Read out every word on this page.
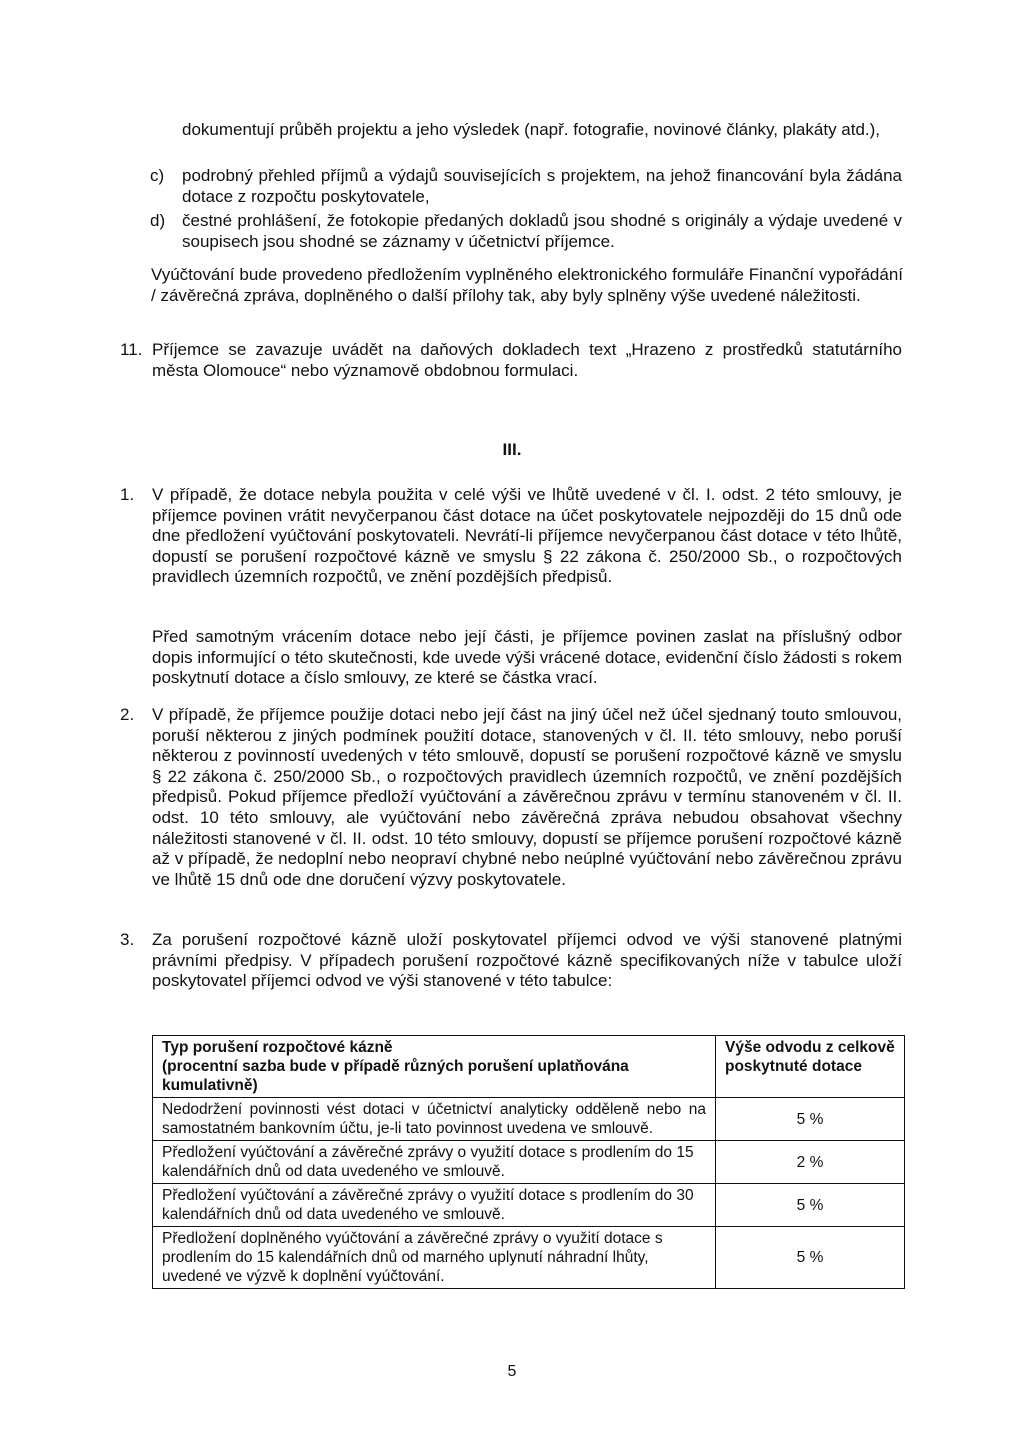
dokumentují průběh projektu a jeho výsledek (např. fotografie, novinové články, plakáty atd.),
c) podrobný přehled příjmů a výdajů souvisejících s projektem, na jehož financování byla žádána dotace z rozpočtu poskytovatele,
d) čestné prohlášení, že fotokopie předaných dokladů jsou shodné s originály a výdaje uvedené v soupisech jsou shodné se záznamy v účetnictví příjemce.
Vyúčtování bude provedeno předložením vyplněného elektronického formuláře Finanční vypořádání / závěrečná zpráva, doplněného o další přílohy tak, aby byly splněny výše uvedené náležitosti.
11. Příjemce se zavazuje uvádět na daňových dokladech text „Hrazeno z prostředků statutárního města Olomouce“ nebo významově obdobnou formulaci.
III.
1. V případě, že dotace nebyla použita v celé výši ve lhůtě uvedené v čl. I. odst. 2 této smlouvy, je příjemce povinen vrátit nevyčerpanou část dotace na účet poskytovatele nejpozději do 15 dnů ode dne předložení vyúčtování poskytovateli. Nevrátí-li příjemce nevyčerpanou část dotace v této lhůtě, dopustí se porušení rozpočtové kázně ve smyslu § 22 zákona č. 250/2000 Sb., o rozpočtových pravidlech územních rozpočtů, ve znění pozdějších předpisů.
Před samotným vrácením dotace nebo její části, je příjemce povinen zaslat na příslušný odbor dopis informující o této skutečnosti, kde uvede výši vrácené dotace, evidenční číslo žádosti s rokem poskytnutí dotace a číslo smlouvy, ze které se částka vrací.
2. V případě, že příjemce použije dotaci nebo její část na jiný účel než účel sjednaný touto smlouvou, poruší některou z jiných podmínek použití dotace, stanovených v čl. II. této smlouvy, nebo poruší některou z povinností uvedených v této smlouvě, dopustí se porušení rozpočtové kázně ve smyslu § 22 zákona č. 250/2000 Sb., o rozpočtových pravidlech územních rozpočtů, ve znění pozdějších předpisů. Pokud příjemce předloží vyúčtování a závěrečnou zprávu v termínu stanoveném v čl. II. odst. 10 této smlouvy, ale vyúčtování nebo závěrečná zpráva nebudou obsahovat všechny náležitosti stanovené v čl. II. odst. 10 této smlouvy, dopustí se příjemce porušení rozpočtové kázně až v případě, že nedoplní nebo neopraví chybné nebo neúplné vyúčtování nebo závěrečnou zprávu ve lhůtě 15 dnů ode dne doručení výzvy poskytovatele.
3. Za porušení rozpočtové kázně uloží poskytovatel příjemci odvod ve výši stanovené platnými právními předpisy. V případech porušení rozpočtové kázně specifikovaných níže v tabulce uloží poskytovatel příjemci odvod ve výši stanovené v této tabulce:
Typ porušení rozpočtové kázně
(procentní sazba bude v případě různých porušení uplatňována kumulativně)	Výše odvodu z celkově poskytnuté dotace
Nedodržení povinnosti vést dotaci v účetnictví analyticky odděleně nebo na samostatném bankovním účtu, je-li tato povinnost uvedena ve smlouvě.	5 %
Předložení vyúčtování a závěrečné zprávy o využití dotace s prodlením do 15 kalendářních dnů od data uvedeného ve smlouvě.	2 %
Předložení vyúčtování a závěrečné zprávy o využití dotace s prodlením do 30 kalendářních dnů od data uvedeného ve smlouvě.	5 %
Předložení doplněného vyúčtování a závěrečné zprávy o využití dotace s prodlením do 15 kalendářních dnů od marného uplynutí náhradní lhůty, uvedené ve výzvě k doplnění vyúčtování.	5 %
5
